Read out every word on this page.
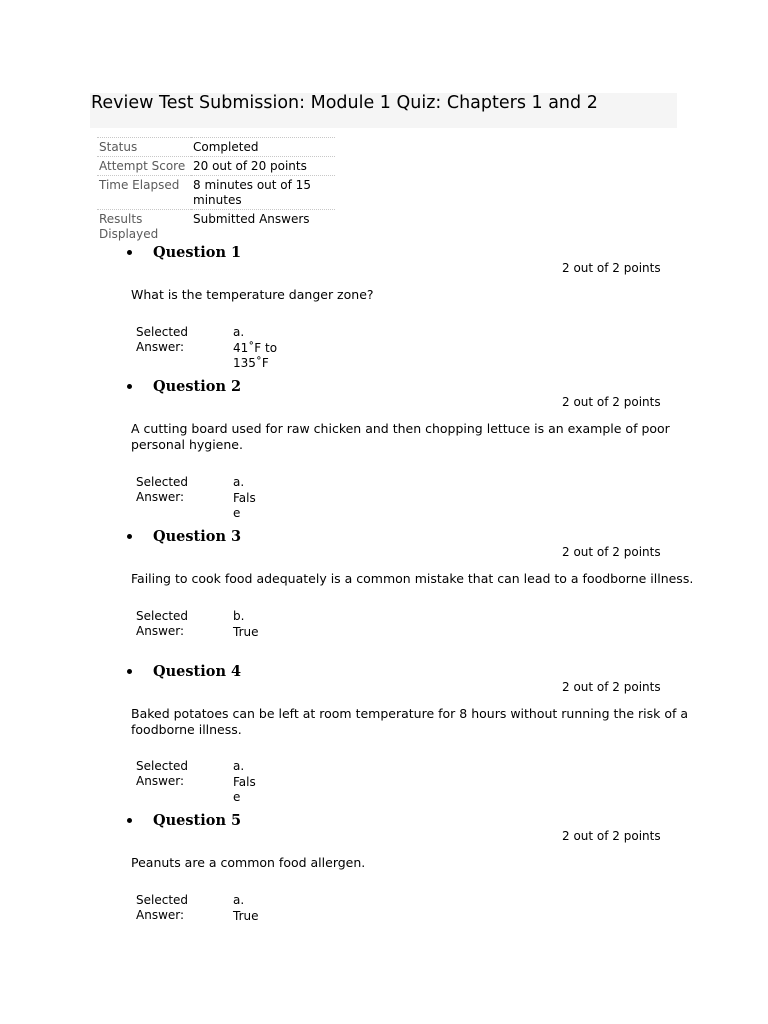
Review Test Submission: Module 1 Quiz: Chapters 1 and 2
Status	Completed
Attempt Score	20 out of 20 points
Time Elapsed	8 minutes out of 15 minutes
Results Displayed	Submitted Answers
Question 1
2 out of 2 points
What is the temperature danger zone?
Selected Answer:
a.
41˚F to 135˚F
Question 2
2 out of 2 points
A cutting board used for raw chicken and then chopping lettuce is an example of poor personal hygiene.
Selected Answer:
a.
False
Question 3
2 out of 2 points
Failing to cook food adequately is a common mistake that can lead to a foodborne illness.
Selected Answer:
b.
True
Question 4
2 out of 2 points
Baked potatoes can be left at room temperature for 8 hours without running the risk of a foodborne illness.
Selected Answer:
a.
False
Question 5
2 out of 2 points
Peanuts are a common food allergen.
Selected Answer:
a.
True
